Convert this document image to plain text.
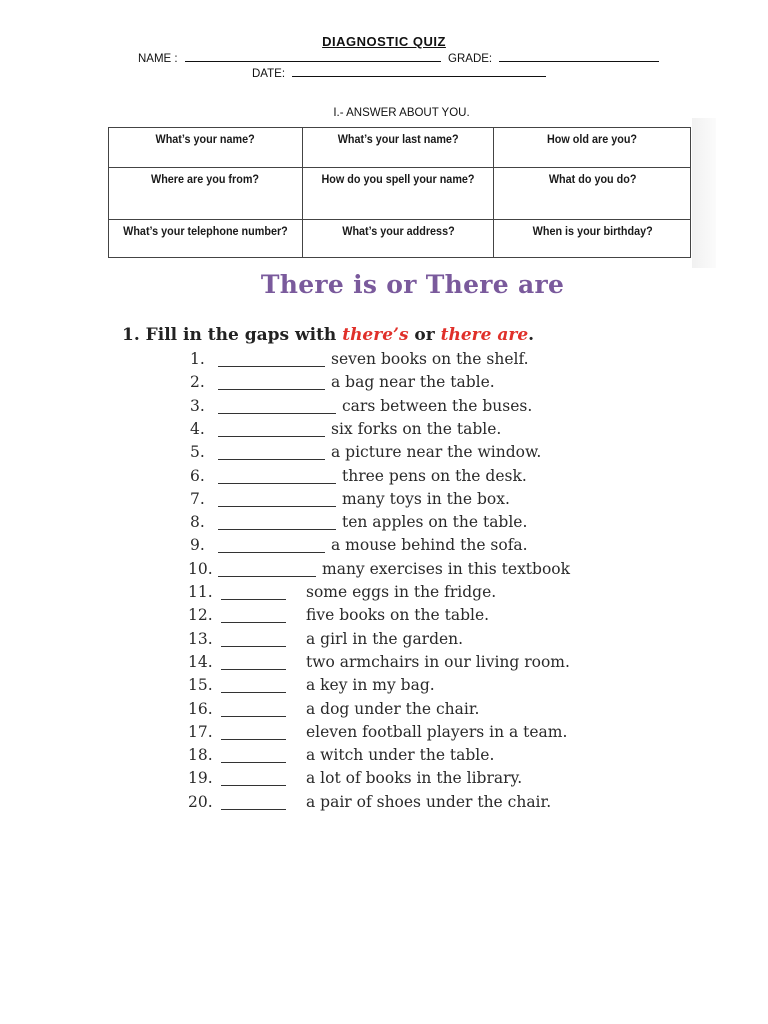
DIAGNOSTIC QUIZ
NAME :	GRADE:
DATE:
I.- ANSWER ABOUT YOU.
What’s your name?	What’s your last name?	How old are you?
Where are you from?	How do you spell your name?	What do you do?
What’s your telephone number?	What’s your address?	When is your birthday?
There is or There are
1. Fill in the gaps with there’s or there are.
1.	seven books on the shelf.
2.	a bag near the table.
3.	cars between the buses.
4.	six forks on the table.
5.	a picture near the window.
6.	three pens on the desk.
7.	many toys in the box.
8.	ten apples on the table.
9.	a mouse behind the sofa.
10.	many exercises in this textbook
11.	some eggs in the fridge.
12.	five books on the table.
13.	a girl in the garden.
14.	two armchairs in our living room.
15.	a key in my bag.
16.	a dog under the chair.
17.	eleven football players in a team.
18.	a witch under the table.
19.	a lot of books in the library.
20.	a pair of shoes under the chair.
